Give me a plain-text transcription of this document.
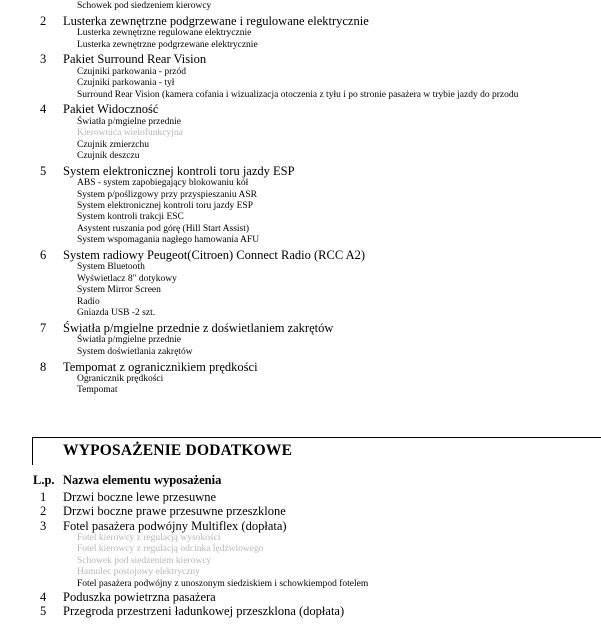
Schowek pod siedzeniem kierowcy
2 Lusterka zewnętrzne podgrzewane i regulowane elektrycznie
Lusterka zewnętrzne regulowane elektrycznie
Lusterka zewnętrzne podgrzewane elektrycznie
3 Pakiet Surround Rear Vision
Czujniki parkowania - przód
Czujniki parkowania - tył
Surround Rear Vision (kamera cofania i wizualizacja otoczenia z tyłu i po stronie pasażera w trybie jazdy do przodu
4 Pakiet Widoczność
Światła p/mgielne przednie
Kierownica wielofunkcyjna
Czujnik zmierzchu
Czujnik deszczu
5 System elektronicznej kontroli toru jazdy ESP
ABS - system zapobiegający blokowaniu kół
System p/poślizgowy przy przyspieszaniu ASR
System elektronicznej kontroli toru jazdy ESP
System kontroli trakcji ESC
Asystent ruszania pod górę (Hill Start Assist)
System wspomagania nagłego hamowania AFU
6 System radiowy Peugeot(Citroen) Connect Radio (RCC A2)
System Bluetooth
Wyświetlacz 8" dotykowy
System Mirror Screen
Radio
Gniazda USB -2 szt.
7 Światła p/mgielne przednie z doświetlaniem zakrętów
Światła p/mgielne przednie
System doświetlania zakrętów
8 Tempomat z ogranicznikiem prędkości
Ogranicznik prędkości
Tempomat
1 Drzwi boczne lewe przesuwne
2 Drzwi boczne prawe przesuwne przeszklone
3 Fotel pasażera podwójny Multiflex (dopłata)
Fotel kierowcy z regulacją wysokości
Fotel kierowcy z regulacją odcinka lędźwiowego
Schowek pod siedzeniem kierowcy
Hamulec postojowy elektryczny
Fotel pasażera podwójny z unoszonym siedziskiem i schowkiempod fotelem
4 Poduszka powietrzna pasażera
5 Przegroda przestrzeni ładunkowej przeszklona (dopłata)
WYPOSAŻENIE DODATKOWE
L.p. Nazwa elementu wyposażenia
